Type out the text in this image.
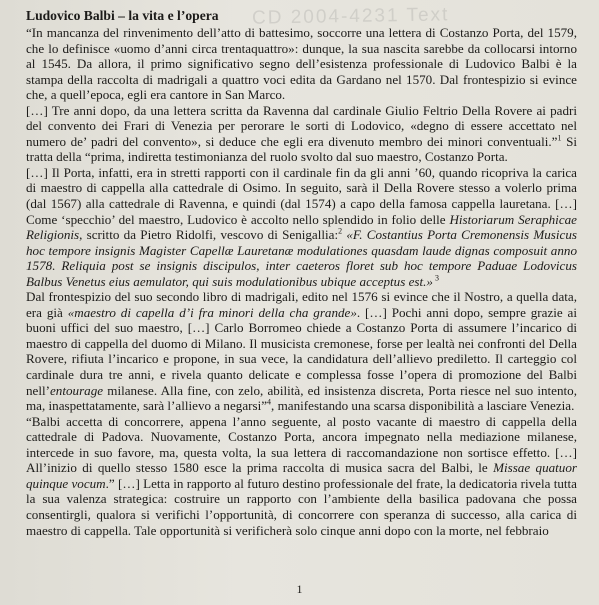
CD 2004-4231 Text
Ludovico Balbi – la vita e l’opera

“In mancanza del rinvenimento dell’atto di battesimo, soccorre una lettera di Costanzo Porta, del 1579, che lo definisce «uomo d’anni circa trentaquattro»: dunque, la sua nascita sarebbe da collocarsi intorno al 1545. Da allora, il primo significativo segno dell’esistenza professionale di Ludovico Balbi è la stampa della raccolta di madrigali a quattro voci edita da Gardano nel 1570. Dal frontespizio si evince che, a quell’epoca, egli era cantore in San Marco.

[…] Tre anni dopo, da una lettera scritta da Ravenna dal cardinale Giulio Feltrio Della Rovere ai padri del convento dei Frari di Venezia per perorare le sorti di Lodovico, «degno di essere accettato nel numero de’ padri del convento», si deduce che egli era divenuto membro dei minori conventuali.”$^1$ Si tratta della “prima, indiretta testimonianza del ruolo svolto dal suo maestro, Costanzo Porta.

[…] Il Porta, infatti, era in stretti rapporti con il cardinale fin da gli anni ’60, quando ricopriva la carica di maestro di cappella alla cattedrale di Osimo. In seguito, sarà il Della Rovere stesso a volerlo prima (dal 1567) alla cattedrale di Ravenna, e quindi (dal 1574) a capo della famosa cappella lauretana. […] Come ‘specchio’ del maestro, Ludovico è accolto nello splendido in folio delle Historiarum Seraphicae Religionis, scritto da Pietro Ridolfi, vescovo di Senigallia:$^2$ «F. Costantius Porta Cremonensis Musicus hoc tempore insignis Magister Capellæ Lauretanæ modulationes quasdam laude dignas composuit anno 1578. Reliquia post se insignis discipulos, inter caeteros floret sub hoc tempore Paduae Lodovicus Balbus Venetus eius aemulator, qui suis modulationibus ubique acceptus est.» $^3$

Dal frontespizio del suo secondo libro di madrigali, edito nel 1576 si evince che il Nostro, a quella data, era già «maestro di capella d’i fra minori della cha grande». […] Pochi anni dopo, sempre grazie ai buoni uffici del suo maestro, […] Carlo Borromeo chiede a Costanzo Porta di assumere l’incarico di maestro di cappella del duomo di Milano. Il musicista cremonese, forse per lealtà nei confronti del Della Rovere, rifiuta l’incarico e propone, in sua vece, la candidatura dell’allievo prediletto. Il carteggio col cardinale dura tre anni, e rivela quanto delicate e complessa fosse l’opera di promozione del Balbi nell’entourage milanese. Alla fine, con zelo, abilità, ed insistenza discreta, Porta riesce nel suo intento, ma, inaspettatamente, sarà l’allievo a negarsi”$^4$, manifestando una scarsa disponibilità a lasciare Venezia.

“Balbi accetta di concorrere, appena l’anno seguente, al posto vacante di maestro di cappella della cattedrale di Padova. Nuovamente, Costanzo Porta, ancora impegnato nella mediazione milanese, intercede in suo favore, ma, questa volta, la sua lettera di raccomandazione non sortisce effetto. […] All’inizio di quello stesso 1580 esce la prima raccolta di musica sacra del Balbi, le Missae quatuor quinque vocum.” […] Letta in rapporto al futuro destino professionale del frate, la dedicatoria rivela tutta la sua valenza strategica: costruire un rapporto con l’ambiente della basilica padovana che possa consentirgli, qualora si verifichi l’opportunità, di concorrere con speranza di successo, alla carica di maestro di cappella. Tale opportunità si verificherà solo cinque anni dopo con la morte, nel febbraio

1
